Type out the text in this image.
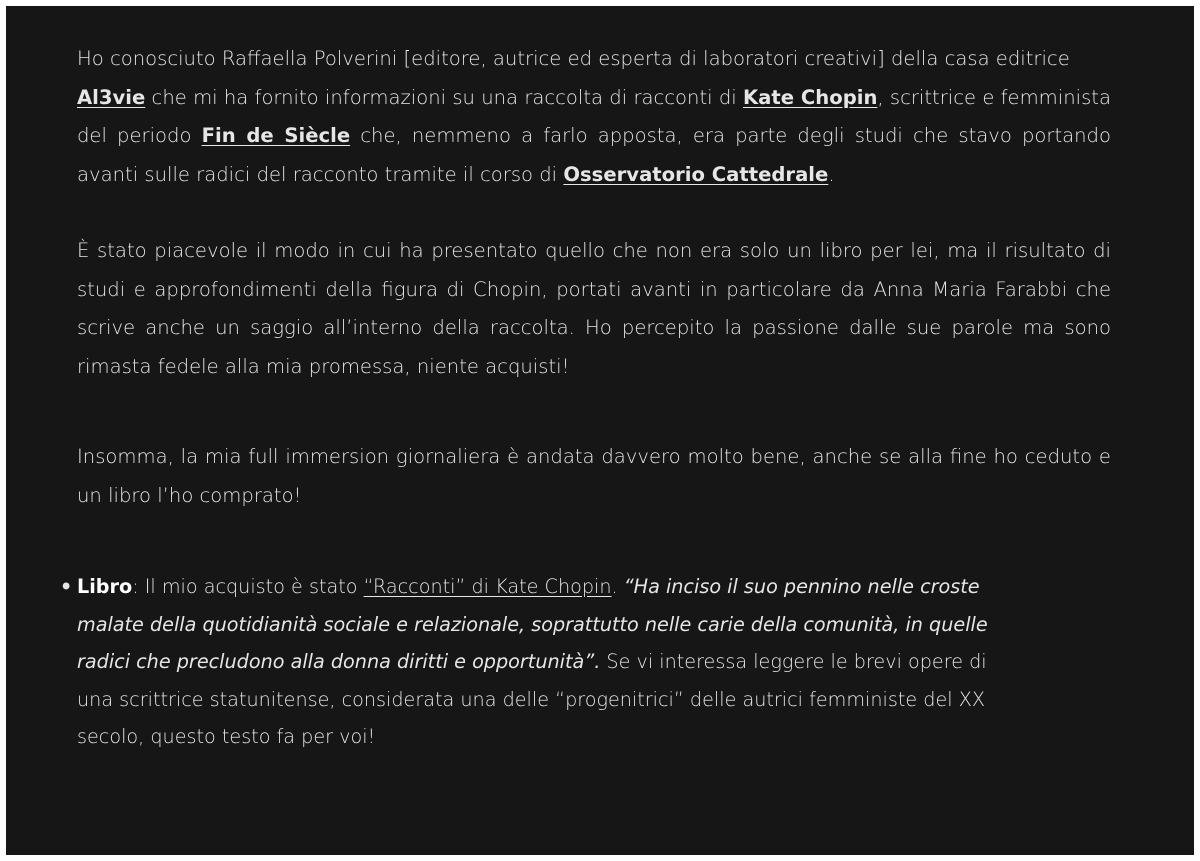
Ho conosciuto Raffaella Polverini [editore, autrice ed esperta di laboratori creativi] della casa editrice
Al3vie che mi ha fornito informazioni su una raccolta di racconti di Kate Chopin, scrittrice e femminista del periodo Fin de Siècle che, nemmeno a farlo apposta, era parte degli studi che stavo portando avanti sulle radici del racconto tramite il corso di Osservatorio Cattedrale.

È stato piacevole il modo in cui ha presentato quello che non era solo un libro per lei, ma il risultato di studi e approfondimenti della figura di Chopin, portati avanti in particolare da Anna Maria Farabbi che scrive anche un saggio all’interno della raccolta. Ho percepito la passione dalle sue parole ma sono rimasta fedele alla mia promessa, niente acquisti!

Insomma, la mia full immersion giornaliera è andata davvero molto bene, anche se alla fine ho ceduto e un libro l’ho comprato!

• Libro: Il mio acquisto è stato “Racconti” di Kate Chopin. “Ha inciso il suo pennino nelle croste malate della quotidianità sociale e relazionale, soprattutto nelle carie della comunità, in quelle radici che precludono alla donna diritti e opportunità”. Se vi interessa leggere le brevi opere di una scrittrice statunitense, considerata una delle “progenitrici” delle autrici femministe del XX secolo, questo testo fa per voi!
